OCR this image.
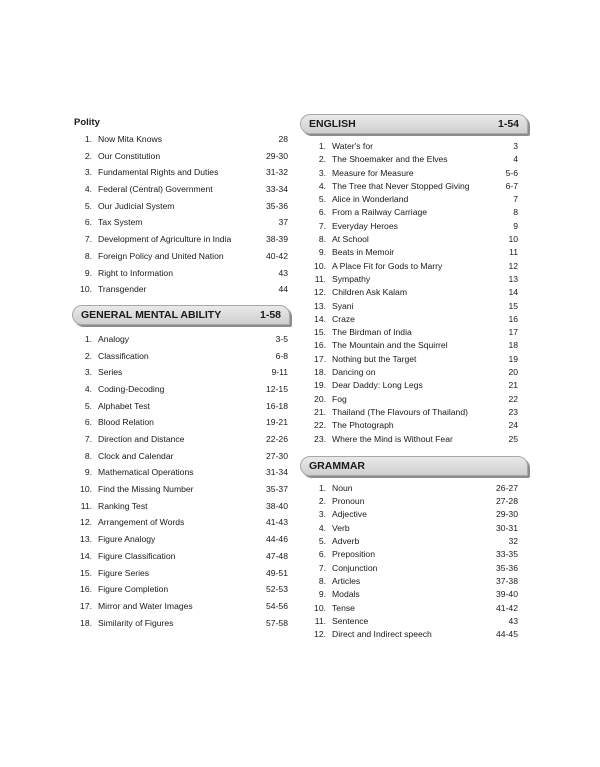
Polity
1. Now Mita Knows	28
2. Our Constitution	29-30
3. Fundamental Rights and Duties	31-32
4. Federal (Central) Government	33-34
5. Our Judicial System	35-36
6. Tax System	37
7. Development of Agriculture in India	38-39
8. Foreign Policy and United Nation	40-42
9. Right to Information	43
10. Transgender	44
GENERAL MENTAL ABILITY	1-58
1. Analogy	3-5
2. Classification	6-8
3. Series	9-11
4. Coding-Decoding	12-15
5. Alphabet Test	16-18
6. Blood Relation	19-21
7. Direction and Distance	22-26
8. Clock and Calendar	27-30
9. Mathematical Operations	31-34
10. Find the Missing Number	35-37
11. Ranking Test	38-40
12. Arrangement of Words	41-43
13. Figure Analogy	44-46
14. Figure Classification	47-48
15. Figure Series	49-51
16. Figure Completion	52-53
17. Mirror and Water Images	54-56
18. Similarity of Figures	57-58
ENGLISH	1-54
1. Water's for	3
2. The Shoemaker and the Elves	4
3. Measure for Measure	5-6
4. The Tree that Never Stopped Giving	6-7
5. Alice in Wonderland	7
6. From a Railway Carriage	8
7. Everyday Heroes	9
8. At School	10
9. Beats in Memoir	11
10. A Place Fit for Gods to Marry	12
11. Sympathy	13
12. Children Ask Kalam	14
13. Syani	15
14. Craze	16
15. The Birdman of India	17
16. The Mountain and the Squirrel	18
17. Nothing but the Target	19
18. Dancing on	20
19. Dear Daddy: Long Legs	21
20. Fog	22
21. Thailand (The Flavours of Thailand)	23
22. The Photograph	24
23. Where the Mind is Without Fear	25
GRAMMAR
1. Noun	26-27
2. Pronoun	27-28
3. Adjective	29-30
4. Verb	30-31
5. Adverb	32
6. Preposition	33-35
7. Conjunction	35-36
8. Articles	37-38
9. Modals	39-40
10. Tense	41-42
11. Sentence	43
12. Direct and Indirect speech	44-45
